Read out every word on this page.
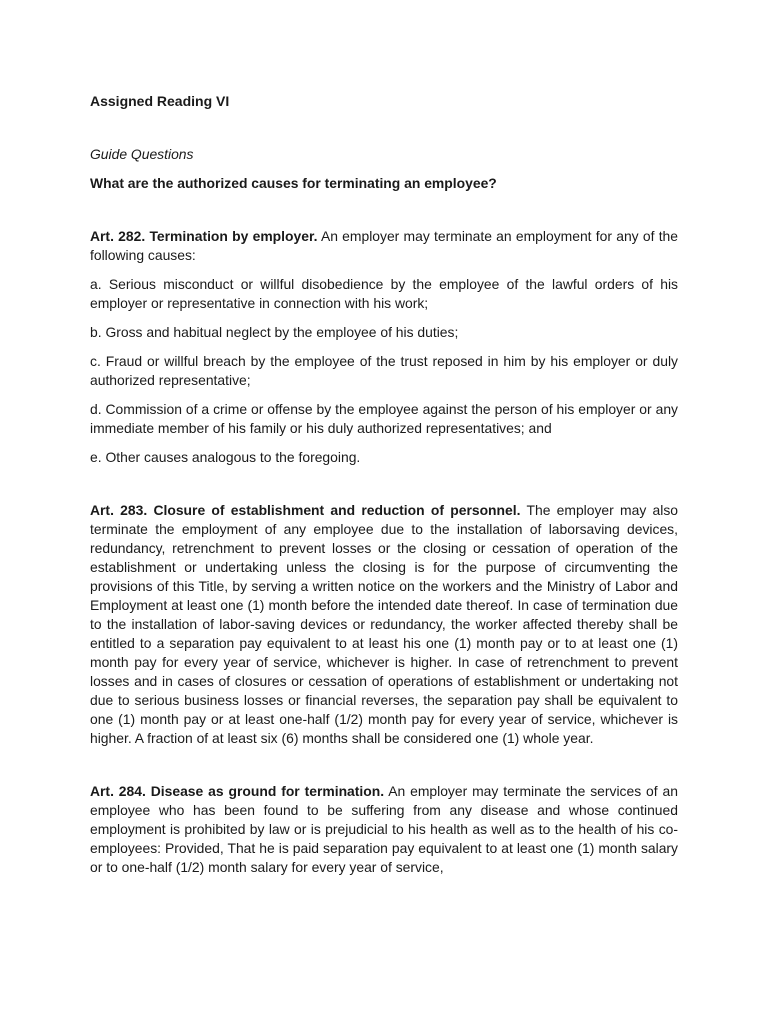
Assigned Reading VI
Guide Questions
What are the authorized causes for terminating an employee?

Art. 282. Termination by employer. An employer may terminate an employment for any of the following causes:

a. Serious misconduct or willful disobedience by the employee of the lawful orders of his employer or representative in connection with his work;

b. Gross and habitual neglect by the employee of his duties;

c. Fraud or willful breach by the employee of the trust reposed in him by his employer or duly authorized representative;

d. Commission of a crime or offense by the employee against the person of his employer or any immediate member of his family or his duly authorized representatives; and

e. Other causes analogous to the foregoing.

Art. 283. Closure of establishment and reduction of personnel. The employer may also terminate the employment of any employee due to the installation of laborsaving devices, redundancy, retrenchment to prevent losses or the closing or cessation of operation of the establishment or undertaking unless the closing is for the purpose of circumventing the provisions of this Title, by serving a written notice on the workers and the Ministry of Labor and Employment at least one (1) month before the intended date thereof. In case of termination due to the installation of labor-saving devices or redundancy, the worker affected thereby shall be entitled to a separation pay equivalent to at least his one (1) month pay or to at least one (1) month pay for every year of service, whichever is higher. In case of retrenchment to prevent losses and in cases of closures or cessation of operations of establishment or undertaking not due to serious business losses or financial reverses, the separation pay shall be equivalent to one (1) month pay or at least one-half (1/2) month pay for every year of service, whichever is higher. A fraction of at least six (6) months shall be considered one (1) whole year.

Art. 284. Disease as ground for termination. An employer may terminate the services of an employee who has been found to be suffering from any disease and whose continued employment is prohibited by law or is prejudicial to his health as well as to the health of his co-employees: Provided, That he is paid separation pay equivalent to at least one (1) month salary or to one-half (1/2) month salary for every year of service,
